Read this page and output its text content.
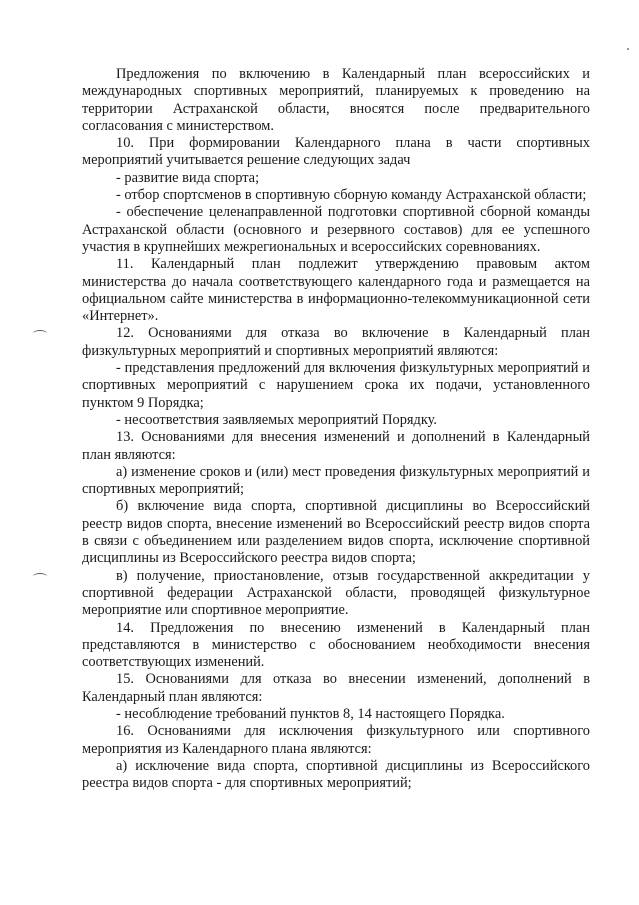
Предложения по включению в Календарный план всероссийских и международных спортивных мероприятий, планируемых к проведению на территории Астраханской области, вносятся после предварительного согласования с министерством.

10. При формировании Календарного плана в части спортивных мероприятий учитывается решение следующих задач

- развитие вида спорта;

- отбор спортсменов в спортивную сборную команду Астраханской области;

- обеспечение целенаправленной подготовки спортивной сборной команды Астраханской области (основного и резервного составов) для ее успешного участия в крупнейших межрегиональных и всероссийских соревнованиях.

11. Календарный план подлежит утверждению правовым актом министерства до начала соответствующего календарного года и размещается на официальном сайте министерства в информационно-телекоммуникационной сети «Интернет».

12. Основаниями для отказа во включение в Календарный план физкультурных мероприятий и спортивных мероприятий являются:

- представления предложений для включения физкультурных мероприятий и спортивных мероприятий с нарушением срока их подачи, установленного пунктом 9 Порядка;

- несоответствия заявляемых мероприятий Порядку.

13. Основаниями для внесения изменений и дополнений в Календарный план являются:

а) изменение сроков и (или) мест проведения физкультурных мероприятий и спортивных мероприятий;

б) включение вида спорта, спортивной дисциплины во Всероссийский реестр видов спорта, внесение изменений во Всероссийский реестр видов спорта в связи с объединением или разделением видов спорта, исключение спортивной дисциплины из Всероссийского реестра видов спорта;

в) получение, приостановление, отзыв государственной аккредитации у спортивной федерации Астраханской области, проводящей физкультурное мероприятие или спортивное мероприятие.

14. Предложения по внесению изменений в Календарный план представляются в министерство с обоснованием необходимости внесения соответствующих изменений.

15. Основаниями для отказа во внесении изменений, дополнений в Календарный план являются:

- несоблюдение требований пунктов 8, 14 настоящего Порядка.

16. Основаниями для исключения физкультурного или спортивного мероприятия из Календарного плана являются:

а) исключение вида спорта, спортивной дисциплины из Всероссийского реестра видов спорта - для спортивных мероприятий;
